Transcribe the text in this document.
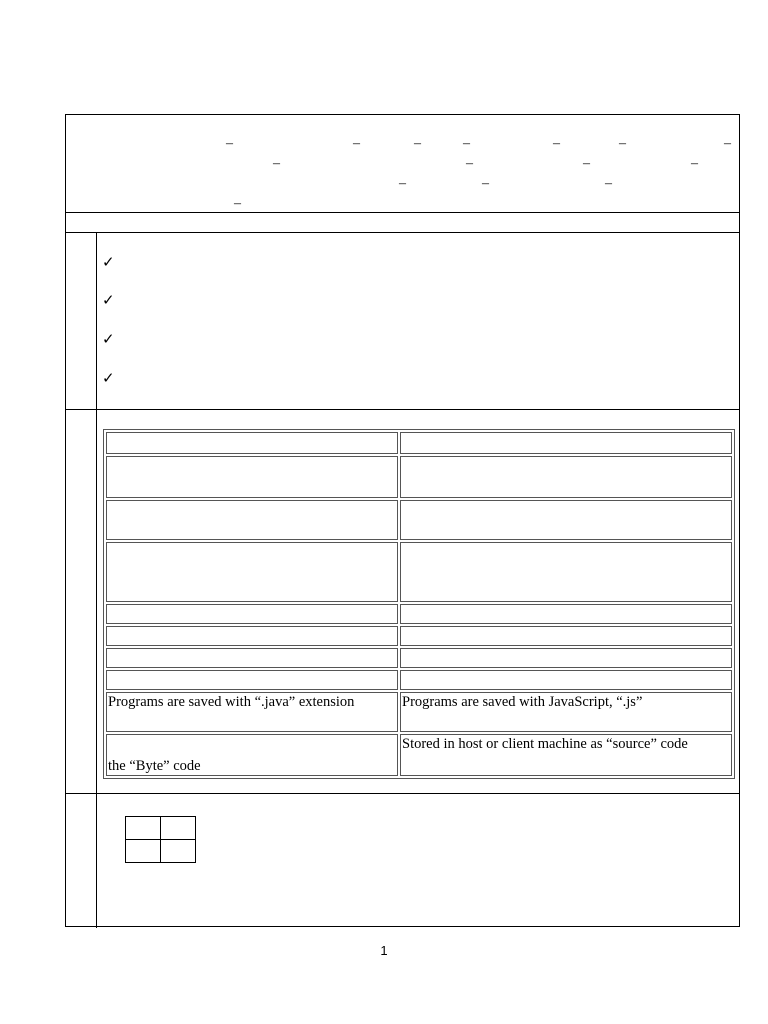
–	–	–	–	–	–	–
–	–	–	–
–	–	–
–
✓
✓
✓
✓

Programs are saved with “.java” extension	Programs are saved with JavaScript, “.js”
the “Byte” code	Stored in host or client machine as “source” code

1
